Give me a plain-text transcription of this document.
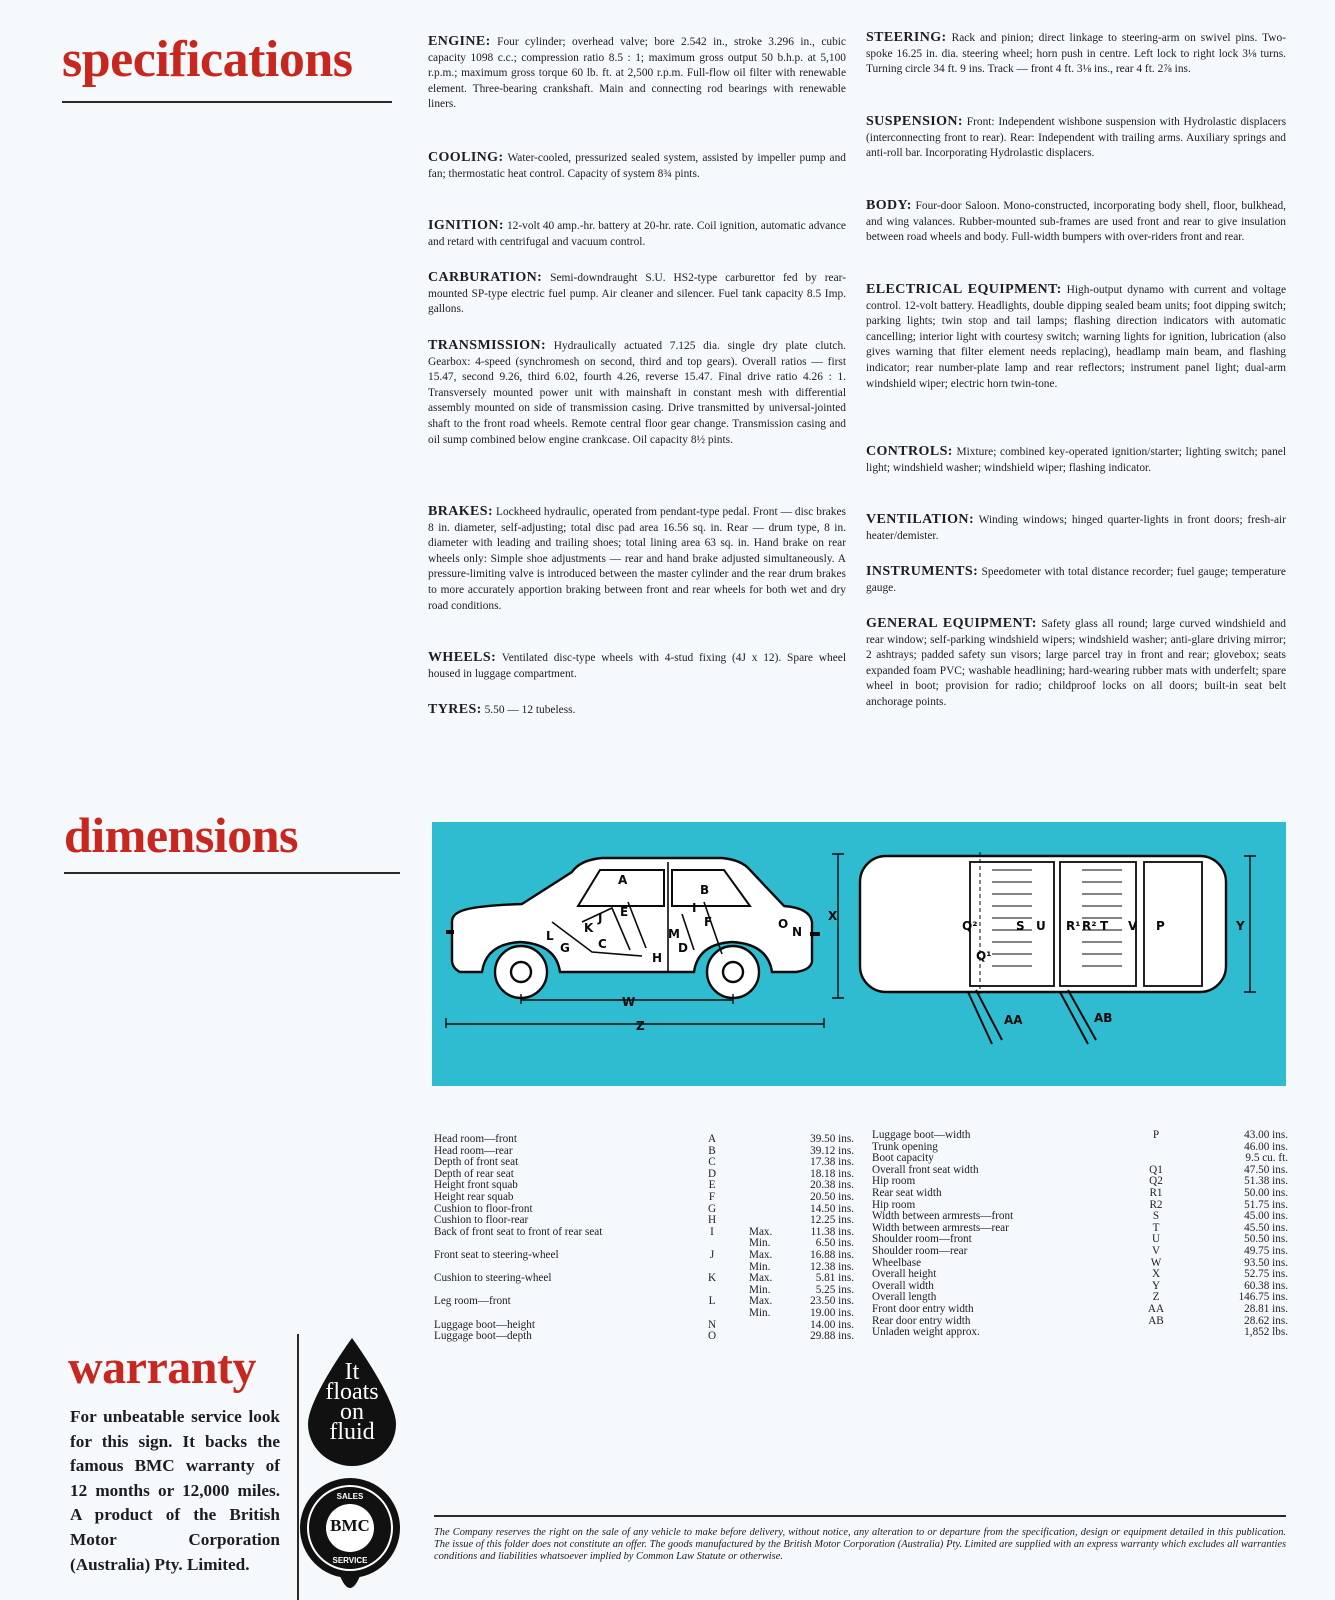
specifications
dimensions
warranty
ENGINE: Four cylinder; overhead valve; bore 2.542 in., stroke 3.296 in., cubic capacity 1098 c.c.; compression ratio 8.5 : 1; maximum gross output 50 b.h.p. at 5,100 r.p.m.; maximum gross torque 60 lb. ft. at 2,500 r.p.m. Full-flow oil filter with renewable element. Three-bearing crankshaft. Main and connecting rod bearings with renewable liners.
COOLING: Water-cooled, pressurized sealed system, assisted by impeller pump and fan; thermostatic heat control. Capacity of system 8¾ pints.
IGNITION: 12-volt 40 amp.-hr. battery at 20-hr. rate. Coil ignition, automatic advance and retard with centrifugal and vacuum control.
CARBURATION: Semi-downdraught S.U. HS2-type carburettor fed by rear-mounted SP-type electric fuel pump. Air cleaner and silencer. Fuel tank capacity 8.5 Imp. gallons.
TRANSMISSION: Hydraulically actuated 7.125 dia. single dry plate clutch. Gearbox: 4-speed (synchromesh on second, third and top gears). Overall ratios — first 15.47, second 9.26, third 6.02, fourth 4.26, reverse 15.47. Final drive ratio 4.26 : 1. Transversely mounted power unit with mainshaft in constant mesh with differential assembly mounted on side of transmission casing. Drive transmitted by universal-jointed shaft to the front road wheels. Remote central floor gear change. Transmission casing and oil sump combined below engine crankcase. Oil capacity 8½ pints.
BRAKES: Lockheed hydraulic, operated from pendant-type pedal. Front — disc brakes 8 in. diameter, self-adjusting; total disc pad area 16.56 sq. in. Rear — drum type, 8 in. diameter with leading and trailing shoes; total lining area 63 sq. in. Hand brake on rear wheels only: Simple shoe adjustments — rear and hand brake adjusted simultaneously. A pressure-limiting valve is introduced between the master cylinder and the rear drum brakes to more accurately apportion braking between front and rear wheels for both wet and dry road conditions.
WHEELS: Ventilated disc-type wheels with 4-stud fixing (4J x 12). Spare wheel housed in luggage compartment.
TYRES: 5.50 — 12 tubeless.
STEERING: Rack and pinion; direct linkage to steering-arm on swivel pins. Two-spoke 16.25 in. dia. steering wheel; horn push in centre. Left lock to right lock 3⅛ turns. Turning circle 34 ft. 9 ins. Track — front 4 ft. 3⅛ ins., rear 4 ft. 2⅞ ins.
SUSPENSION: Front: Independent wishbone suspension with Hydrolastic displacers (interconnecting front to rear). Rear: Independent with trailing arms. Auxiliary springs and anti-roll bar. Incorporating Hydrolastic displacers.
BODY: Four-door Saloon. Mono-constructed, incorporating body shell, floor, bulkhead, and wing valances. Rubber-mounted sub-frames are used front and rear to give insulation between road wheels and body. Full-width bumpers with over-riders front and rear.
ELECTRICAL EQUIPMENT: High-output dynamo with current and voltage control. 12-volt battery. Headlights, double dipping sealed beam units; foot dipping switch; parking lights; twin stop and tail lamps; flashing direction indicators with automatic cancelling; interior light with courtesy switch; warning lights for ignition, lubrication (also gives warning that filter element needs replacing), headlamp main beam, and flashing indicator; rear number-plate lamp and rear reflectors; instrument panel light; dual-arm windshield wiper; electric horn twin-tone.
CONTROLS: Mixture; combined key-operated ignition/starter; lighting switch; panel light; windshield washer; windshield wiper; flashing indicator.
VENTILATION: Winding windows; hinged quarter-lights in front doors; fresh-air heater/demister.
INSTRUMENTS: Speedometer with total distance recorder; fuel gauge; temperature gauge.
GENERAL EQUIPMENT: Safety glass all round; large curved windshield and rear window; self-parking windshield wipers; windshield washer; anti-glare driving mirror; 2 ashtrays; padded safety sun visors; large parcel tray in front and rear; glovebox; seats expanded foam PVC; washable headlining; hard-wearing rubber mats with underfelt; spare wheel in boot; provision for radio; childproof locks on all doors; built-in seat belt anchorage points.
A
B
C	D
E
F
G
H
I
J
K
L	M	N
O
W
Z
X
Q²
Q¹
S U R¹ R² T V P	Y
AA	AB
Head room—front	A	39.50 ins.
Head room—rear	B	39.12 ins.
Depth of front seat	C	17.38 ins.
Depth of rear seat	D	18.18 ins.
Height front squab	E	20.38 ins.
Height rear squab	F	20.50 ins.
Cushion to floor-front	G	14.50 ins.
Cushion to floor-rear	H	12.25 ins.
Back of front seat to front of rear seat	I	Max.	11.38 ins.
Min.	6.50 ins.
Front seat to steering-wheel	J	Max.	16.88 ins.
Min.	12.38 ins.
Cushion to steering-wheel	K	Max.	5.81 ins.
Min.	5.25 ins.
Leg room—front	L	Max.	23.50 ins.
Min.	19.00 ins.
Luggage boot—height	N	14.00 ins.
Luggage boot—depth	O	29.88 ins.
Luggage boot—width	P	43.00 ins.
Trunk opening	46.00 ins.
Boot capacity	9.5 cu. ft.
Overall front seat width	Q1	47.50 ins.
Hip room	Q2	51.38 ins.
Rear seat width	R1	50.00 ins.
Hip room	R2	51.75 ins.
Width between armrests—front	S	45.00 ins.
Width between armrests—rear	T	45.50 ins.
Shoulder room—front	U	50.50 ins.
Shoulder room—rear	V	49.75 ins.
Wheelbase	W	93.50 ins.
Overall height	X	52.75 ins.
Overall width	Y	60.38 ins.
Overall length	Z	146.75 ins.
Front door entry width	AA	28.81 ins.
Rear door entry width	AB	28.62 ins.
Unladen weight approx.	1,852 lbs.
For unbeatable service look for this sign. It backs the famous BMC warranty of 12 months or 12,000 miles. A product of the British Motor Corporation (Australia) Pty. Limited.
It floats on fluid
SALES
BMC
SERVICE
The Company reserves the right on the sale of any vehicle to make before delivery, without notice, any alteration to or departure from the specification, design or equipment detailed in this publication. The issue of this folder does not constitute an offer. The goods manufactured by the British Motor Corporation (Australia) Pty. Limited are supplied with an express warranty which excludes all warranties conditions and liabilities whatsoever implied by Common Law Statute or otherwise.
